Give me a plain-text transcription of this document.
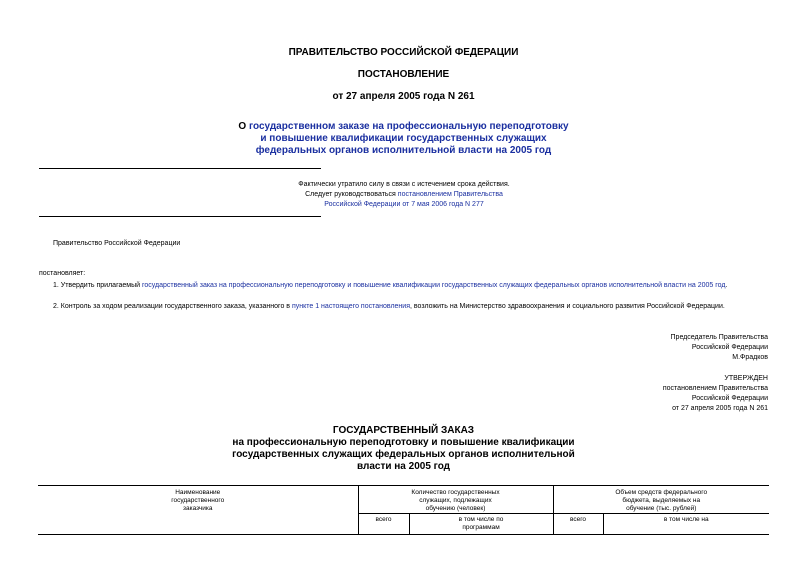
ПРАВИТЕЛЬСТВО РОССИЙСКОЙ ФЕДЕРАЦИИ
ПОСТАНОВЛЕНИЕ
от 27 апреля 2005 года N 261
О государственном заказе на профессиональную переподготовку
и повышение квалификации государственных служащих
федеральных органов исполнительной власти на 2005 год
Фактически утратило силу в связи с истечением срока действия.
Следует руководствоваться постановлением Правительства
Российской Федерации от 7 мая 2006 года N 277
Правительство Российской Федерации
постановляет:
1. Утвердить прилагаемый государственный заказ на профессиональную переподготовку и повышение квалификации государственных служащих федеральных органов исполнительной власти на 2005 год.
2. Контроль за ходом реализации государственного заказа, указанного в пункте 1 настоящего постановления, возложить на Министерство здравоохранения и социального развития Российской Федерации.
Председатель Правительства
Российской Федерации
М.Фрадков
УТВЕРЖДЕН
постановлением Правительства
Российской Федерации
от 27 апреля 2005 года N 261
ГОСУДАРСТВЕННЫЙ ЗАКАЗ
на профессиональную переподготовку и повышение квалификации
государственных служащих федеральных органов исполнительной
власти на 2005 год
Наименование государственного заказчика	Количество государственных служащих, подлежащих обучению (человек)		Объем средств федерального бюджета, выделяемых на обучение (тыс. рублей)	
	всего	в том числе по программам	всего	в том числе на
